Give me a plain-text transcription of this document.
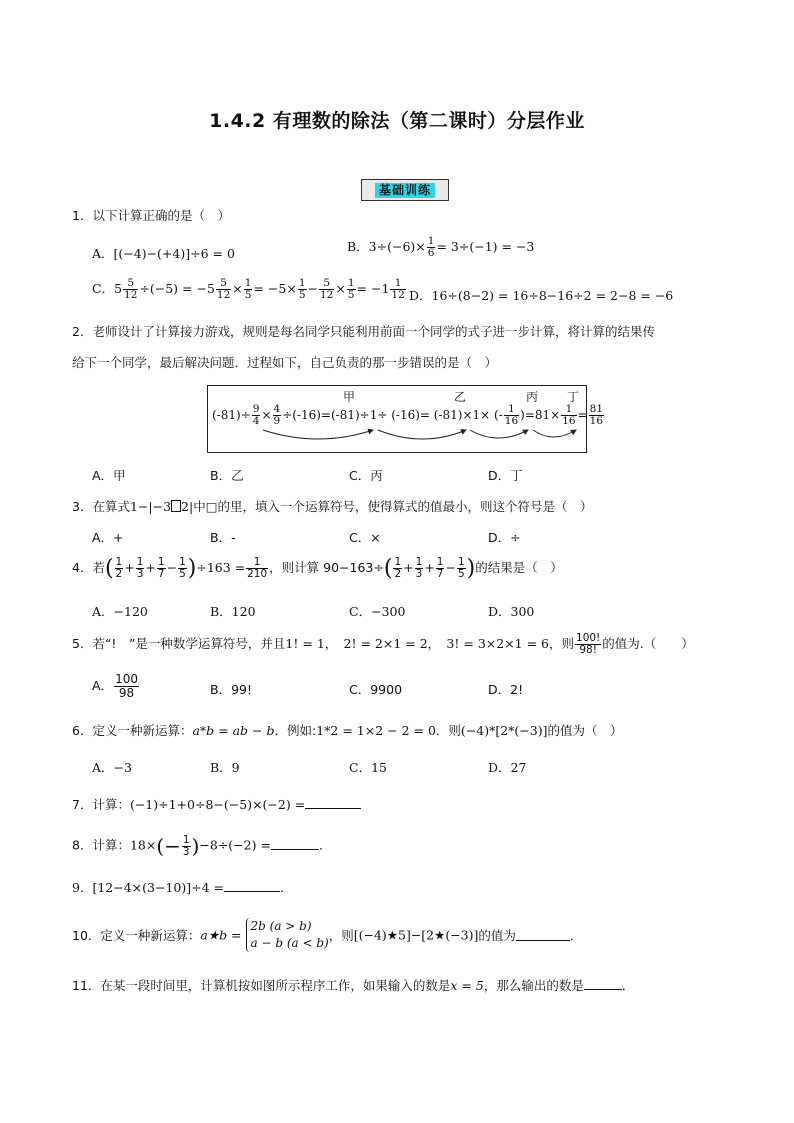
1.4.2 有理数的除法（第二课时）分层作业
基础训练
1．以下计算正确的是（　）
A．[(−4)−(+4)]÷6 = 0	B．$3\div(-6)\times \frac{1}{6} = 3\div(-1) = -3$
C．$5 \frac{5}{12} \div(-5) = -5 \frac{5}{12} \times \frac{1}{5} = -5\times \frac{1}{5} - \frac{5}{12} \times \frac{1}{5} = -1 \frac{1}{12}$ D．16÷(8−2) = 16÷8−16÷2 = 2−8 = −6
2．老师设计了计算接力游戏，规则是每名同学只能利用前面一个同学的式子进一步计算，将计算的结果传
给下一个同学，最后解决问题．过程如下，自己负责的那一步错误的是（　）
甲	乙	丙 丁
$(-81)\div \frac{9}{4} \times \frac{4}{9} \div(-16)=(-81)\div 1\div (-16)= (-81)\times 1\times$ (- $\frac{1}{16} )=81\times \frac{1}{16} = \frac{81}{16}$
A．甲	B．乙	C．丙	D．丁
3．在算式1−|−3 2|中□的里，填入一个运算符号，使得算式的值最小，则这个符号是（　）
A．+	B．-	C．×	D．÷
4．若( $\frac{1}{2} + \frac{1}{3} + \frac{1}{7} - \frac{1}{5} )\div 163 = \frac{1}{210}$ ，则计算 $90-163\div( \frac{1}{2} + \frac{1}{3} + \frac{1}{7} - \frac{1}{5}$ )的结果是（　）
A．−120	B．120	C．−300	D．300
5．若“!　”是一种数学运算符号，并且1! = 1，　2! = 2×1 = 2，　3! = 3×2×1 = 6，则 $\frac{100!}{98!}$ 的值为.（　　）
A． $\frac{100}{98}$	B．99!	C．9900	D．2!
6．定义一种新运算：a*b = ab − b．例如:1*2 = 1×2 − 2 = 0．则(−4)*[2*(−3)]的值为（　）
A．−3	B．9	C．15	D．27
7．计算：(−1)÷1+0÷8−(−5)×(−2) =
8．计算：$18\times(- \frac{1}{3} )-8\div(-2)$ =	．
9．[12−4×(3−10)]÷4 =	．
10．定义一种新运算：a★b =
2b (a > b)
a − b (a < b) ，则[(−4)★5]−[2★(−3)]的值为	．
11．在某一段时间里，计算机按如图所示程序工作，如果输入的数是x = 5，那么输出的数是	．
